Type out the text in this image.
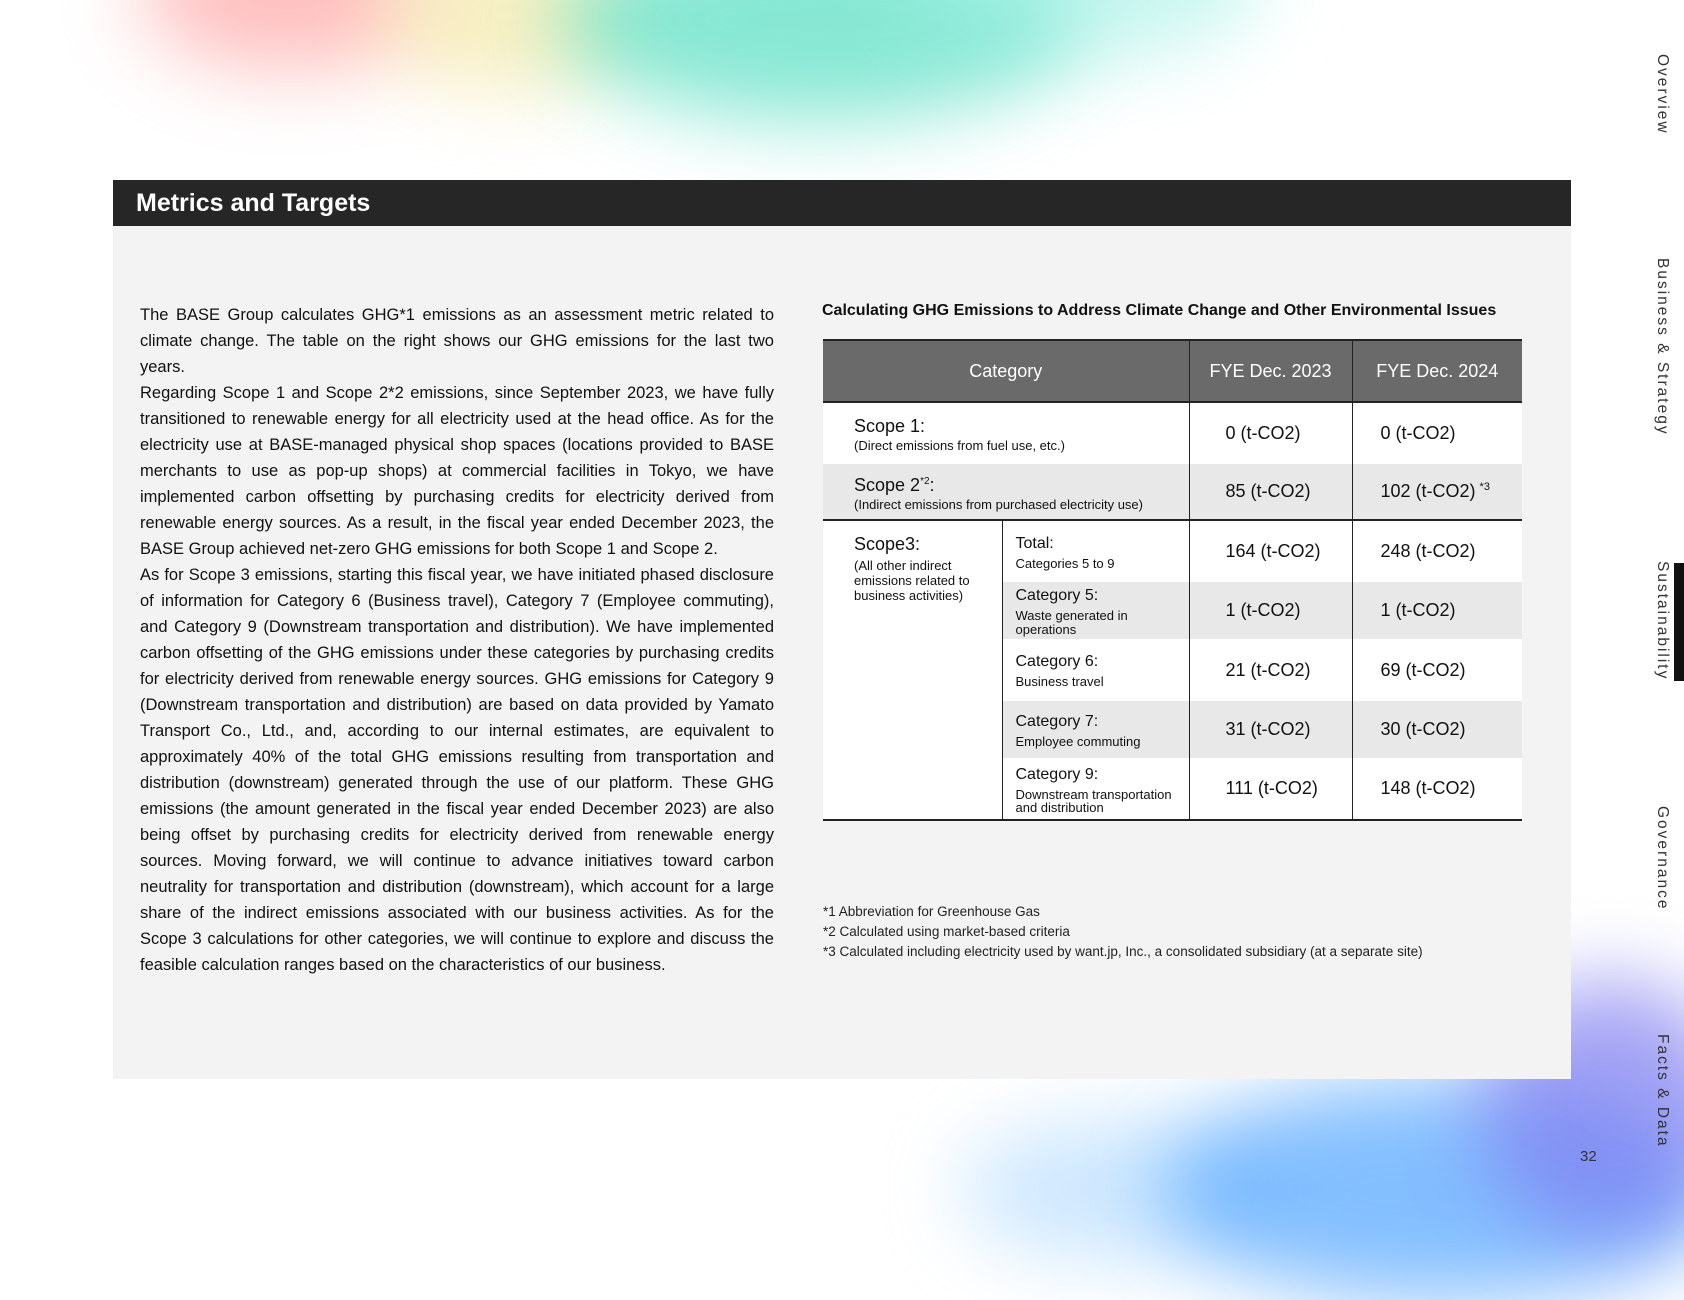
Metrics and Targets

The BASE Group calculates GHG*1 emissions as an assessment metric related to climate change. The table on the right shows our GHG emissions for the last two years.

Regarding Scope 1 and Scope 2*2 emissions, since September 2023, we have fully transitioned to renewable energy for all electricity used at the head office. As for the electricity use at BASE-managed physical shop spaces (locations provided to BASE merchants to use as pop-up shops) at commercial facilities in Tokyo, we have implemented carbon offsetting by purchasing credits for electricity derived from renewable energy sources. As a result, in the fiscal year ended December 2023, the BASE Group achieved net-zero GHG emissions for both Scope 1 and Scope 2.

As for Scope 3 emissions, starting this fiscal year, we have initiated phased disclosure of information for Category 6 (Business travel), Category 7 (Employee commuting), and Category 9 (Downstream transportation and distribution). We have implemented carbon offsetting of the GHG emissions under these categories by purchasing credits for electricity derived from renewable energy sources. GHG emissions for Category 9 (Downstream transportation and distribution) are based on data provided by Yamato Transport Co., Ltd., and, according to our internal estimates, are equivalent to approximately 40% of the total GHG emissions resulting from transportation and distribution (downstream) generated through the use of our platform. These GHG emissions (the amount generated in the fiscal year ended December 2023) are also being offset by purchasing credits for electricity derived from renewable energy sources. Moving forward, we will continue to advance initiatives toward carbon neutrality for transportation and distribution (downstream), which account for a large share of the indirect emissions associated with our business activities. As for the Scope 3 calculations for other categories, we will continue to explore and discuss the feasible calculation ranges based on the characteristics of our business.

Calculating GHG Emissions to Address Climate Change and Other Environmental Issues
Category		FYE Dec. 2023	FYE Dec. 2024

Scope 1:
(Direct emissions from fuel use, etc.)		0 (t-CO2)	0 (t-CO2)

Scope 2$^{*2}$:
(Indirect emissions from purchased electricity use)		85 (t-CO2)	102 (t-CO2) $^{*3}$

Scope3:
(All other indirect emissions related to business activities)	Total:
Categories 5 to 9	164 (t-CO2)	248 (t-CO2)

	Category 5:
Waste generated in operations	1 (t-CO2)	1 (t-CO2)

	Category 6:
Business travel	21 (t-CO2)	69 (t-CO2)

	Category 7:
Employee commuting	31 (t-CO2)	30 (t-CO2)

	Category 9:
Downstream transportation and distribution	111 (t-CO2)	148 (t-CO2)
*1 Abbreviation for Greenhouse Gas
*2 Calculated using market-based criteria
*3 Calculated including electricity used by want.jp, Inc., a consolidated subsidiary (at a separate site)
Overview
Business & Strategy
Sustainability
Governance
Facts & Data
32
